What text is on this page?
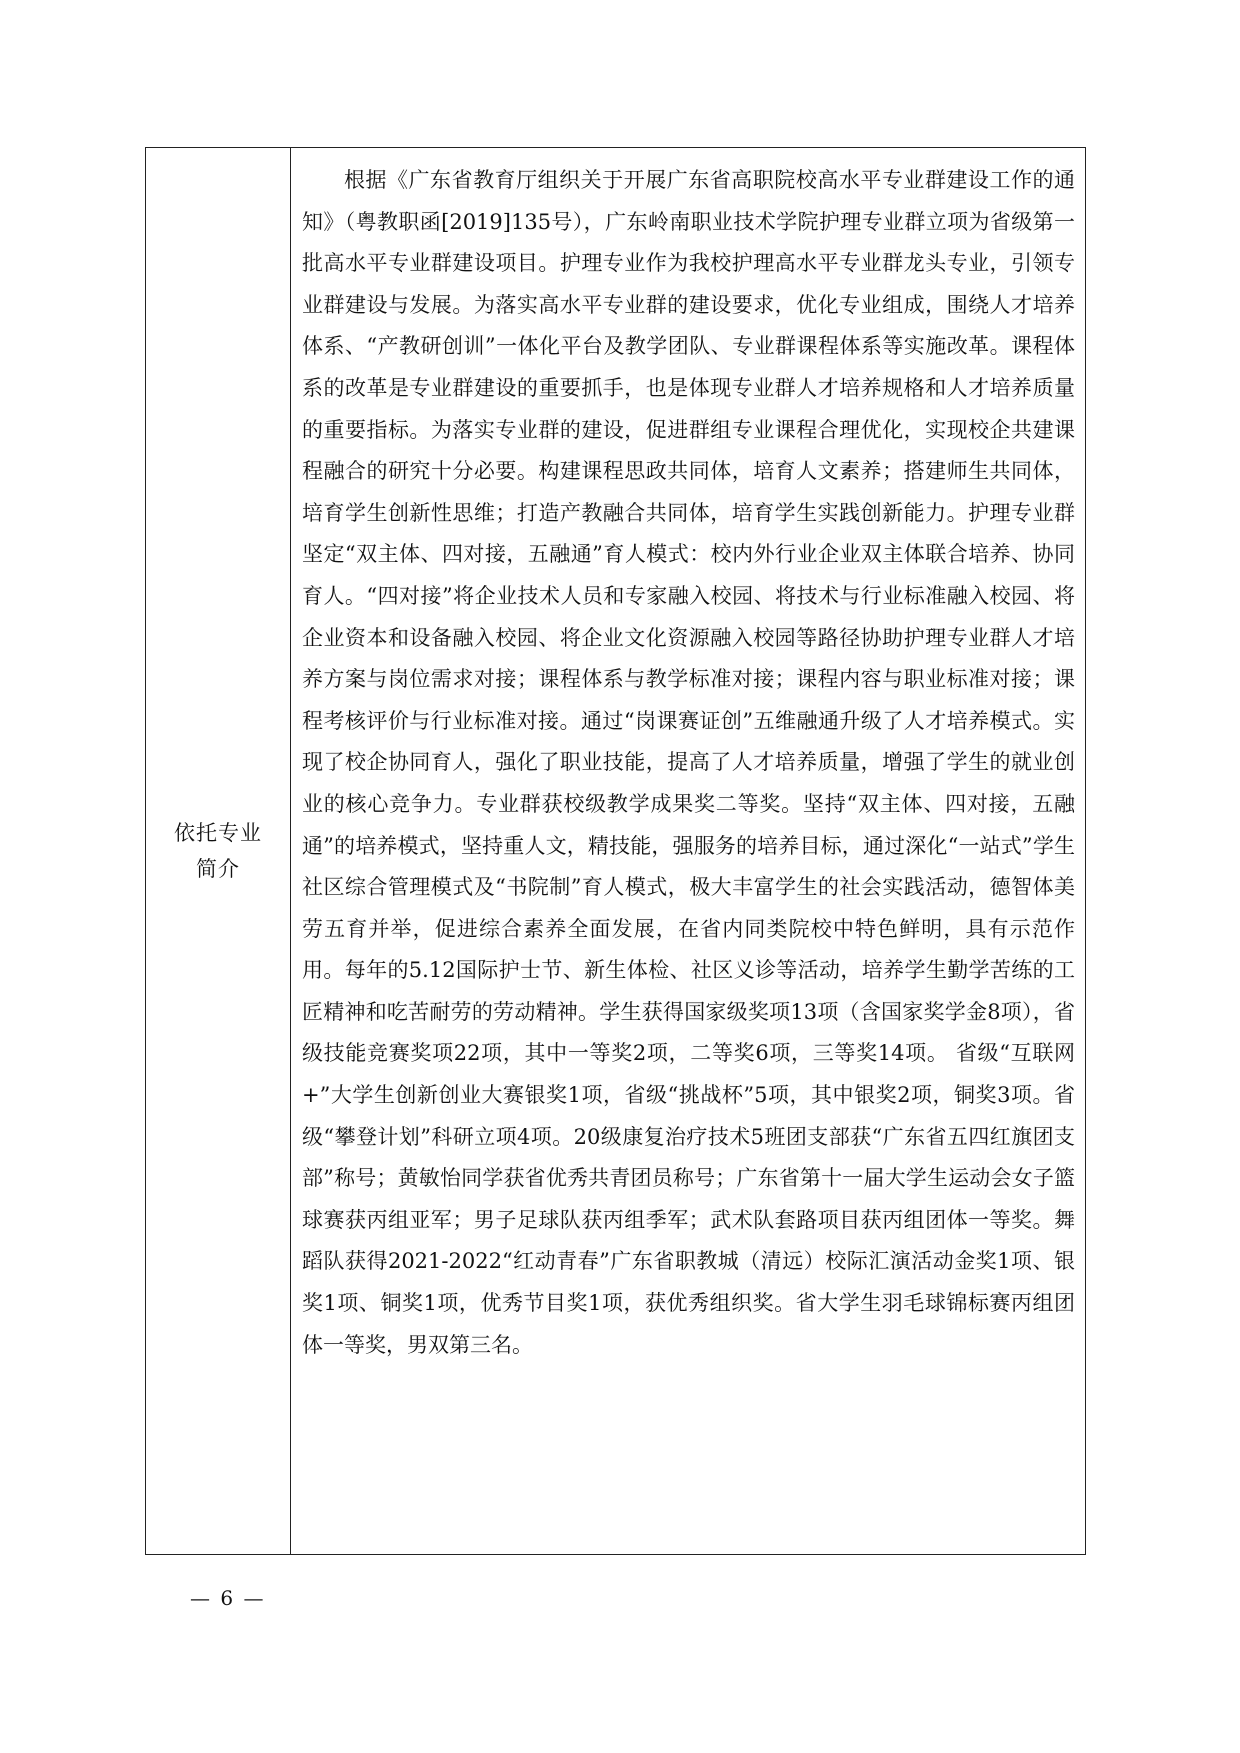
依托专业简介

根据《广东省教育厅组织关于开展广东省高职院校高水平专业群建设工作的通知》（粤教职函[2019]135号），广东岭南职业技术学院护理专业群立项为省级第一批高水平专业群建设项目。护理专业作为我校护理高水平专业群龙头专业，引领专业群建设与发展。为落实高水平专业群的建设要求，优化专业组成，围绕人才培养体系、“产教研创训”一体化平台及教学团队、专业群课程体系等实施改革。课程体系的改革是专业群建设的重要抓手，也是体现专业群人才培养规格和人才培养质量的重要指标。为落实专业群的建设，促进群组专业课程合理优化，实现校企共建课程融合的研究十分必要。构建课程思政共同体，培育人文素养；搭建师生共同体，培育学生创新性思维；打造产教融合共同体，培育学生实践创新能力。护理专业群坚定“双主体、四对接，五融通”育人模式：校内外行业企业双主体联合培养、协同育人。“四对接”将企业技术人员和专家融入校园、将技术与行业标准融入校园、将企业资本和设备融入校园、将企业文化资源融入校园等路径协助护理专业群人才培养方案与岗位需求对接；课程体系与教学标准对接；课程内容与职业标准对接；课程考核评价与行业标准对接。通过“岗课赛证创”五维融通升级了人才培养模式。实现了校企协同育人，强化了职业技能，提高了人才培养质量，增强了学生的就业创业的核心竞争力。专业群获校级教学成果奖二等奖。坚持“双主体、四对接，五融通”的培养模式，坚持重人文，精技能，强服务的培养目标，通过深化“一站式”学生社区综合管理模式及“书院制”育人模式，极大丰富学生的社会实践活动，德智体美劳五育并举，促进综合素养全面发展，在省内同类院校中特色鲜明，具有示范作用。每年的5.12国际护士节、新生体检、社区义诊等活动，培养学生勤学苦练的工匠精神和吃苦耐劳的劳动精神。学生获得国家级奖项13项（含国家奖学金8项），省级技能竞赛奖项22项，其中一等奖2项，二等奖6项，三等奖14项。 省级“互联网+”大学生创新创业大赛银奖1项，省级“挑战杯”5项，其中银奖2项，铜奖3项。省级“攀登计划”科研立项4项。20级康复治疗技术5班团支部获“广东省五四红旗团支部”称号；黄敏怡同学获省优秀共青团员称号；广东省第十一届大学生运动会女子篮球赛获丙组亚军；男子足球队获丙组季军；武术队套路项目获丙组团体一等奖。舞蹈队获得2021-2022“红动青春”广东省职教城（清远）校际汇演活动金奖1项、银奖1项、铜奖1项，优秀节目奖1项，获优秀组织奖。省大学生羽毛球锦标赛丙组团体一等奖，男双第三名。

— 6 —
